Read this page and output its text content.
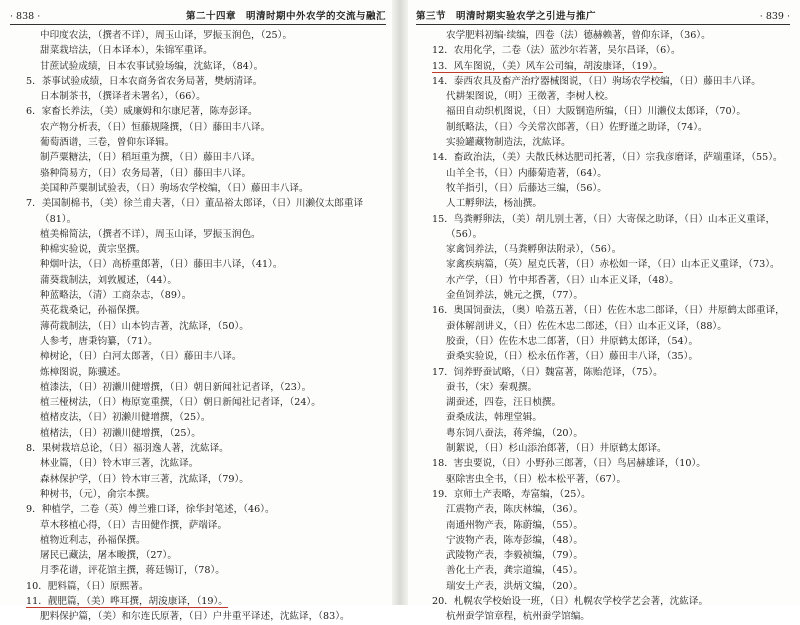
· 838 ·	第二十四章　明清时期中外农学的交流与融汇
中印度农法，（撰者不详），周玉山译，罗振玉润色，（25）。
甜菜栽培法，（日本译本），朱锦军重译。
甘蔗试验成绩，日本农事试验场编，沈紘译，（84）。
5．茶事试验成绩，日本农商务省农务局著，樊炳清译。
日本制茶书，（撰译者未署名），（66）。
6．家畜长养法，（美）威廉姆和尔康尼著，陈寿彭译。
农产物分析表，（日）恒藤规隆撰，（日）藤田丰八译。
葡萄酒谱，三卷，曾仰东译辑。
制芦粟糖法，（日）稻垣重为撰，（日）藤田丰八译。
骆种筒易方，（日）农务局著，（日）藤田丰八译。
美国种芦粟制试验表，（日）驹场农学校编，（日）藤田丰八译。
7．美国制棉书，（美）徐兰甫夫著，（日）董品裕太郎译，（日）川濑仪太郎重译
（81）。
植美棉简法，（撰者不详），周玉山译，罗振玉润色。
种棉实验说，黄宗坚撰。
种烟叶法，（日）高桥重郎著，（日）藤田丰八译，（41）。
蒲葵栽制法，刘敦履述，（44）。
种蓝略法，（清）工商杂志，（89）。
英花栽桑记，孙福保撰。
薄荷栽制法，（日）山本钧吉著，沈紘译，（50）。
人参考，唐秉钧纂，（71）。
樟树论，（日）白河太郎著，（日）藤田丰八译。
炼樟图说，陈骥述。
植漆法，（日）初濑川健增撰，（日）朝日新闻社记者译，（23）。
植三桠树法，（日）梅原宽重撰，（日）朝日新闻社记者译，（24）。
植楮皮法，（日）初濑川健增撰，（25）。
植楮法，（日）初濑川健增撰，（25）。
8．果树栽培总论，（日）福羽逸人著，沈紘译。
林业篇，（日）铃木审三著，沈紘译。
森林保护学，（日）铃木审三著，沈紘译，（79）。
种树书，（元），俞宗本撰。
9．种植学，二卷（英）傅兰雅口译，徐华封笔述，（46）。
草木移植心得，（日）吉田健作撰，萨端译。
植物近利志，孙福保撰。
屠民已藏法，屠本畯撰，（27）。
月季花谱，评花馆主撰，蒋廷锡订，（78）。
10．肥料篇，（日）原熙著。
11．靓肥篇，（美）哗耳撰，胡浚康译，（19）。
肥料保护篇，（美）和尔连氏原著，（日）户井重平译述，沈紘译，（83）。
第三节　明清时期实验农学之引进与推广	· 839 ·
农学肥料初编·续编，四卷（法）德赫赖著，曾仰东译，（36）。
12．农用化学，二卷（法）蓝沙尔若著，吴尔昌译，（6）。
13．风车图说，（美）风车公司编，胡浚康译，（19）。
14．泰西农具及畜产治疗器械图说，（日）驹场农学校编，（日）藤田丰八译。
代耕架图说，（明）王徵著，李树人校。
福田自动织机图说，（日）大阪钢造所编，（日）川濑仪太郎译，（70）。
制纸略法，（日）今关常次郎著，（日）佐野谨之助译，（74）。
实验罐藏物制造法，沈紘译。
14．畜政治法，（美）夫散氏林达肥司托著，（日）宗我彦磨译，萨端重译，（55）。
山羊全书，（日）内藤菊造著，（64）。
牧羊指引，（日）后藤达三编，（56）。
人工孵卵法，杨汕撰。
15．鸟粪孵卵法，（美）胡儿别土著，（日）大寄保之助译，（日）山本正义重译，
（56）。
家禽饲养法，（马粪孵卵法附录），（56）。
家禽疾病篇，（英）屋克氏著，（日）赤松如一译，（日）山本正义重译，（73）。
水产学，（日）竹中邦香著，（日）山本正义译，（48）。
金鱼饲养法，姚元之撰，（77）。
16．奥国饲蚕法，（奥）哈荔五著，（日）佐佐木忠二郎译，（日）井原鹤太郎重译，
蚕体解剖讲义，（日）佐佐木忠二郎述，（日）山本正义译，（88）。
胶蚕，（日）佐佐木忠二郎著，（日）井原鹤太郎译，（54）。
蚕桑实验说，（日）松永伍作著，（日）藤田丰八译，（35）。
17．饲养野蚕试略，（日）魏富著，陈贻范译，（75）。
蚕书，（宋）秦观撰。
湖蚕述，四卷，汪日桢撰。
蚕桑成法，韩理堂辑。
粤东饲八蚕法，蒋斧编，（20）。
制絮说，（日）杉山添治郎著，（日）井原鹤太郎译。
18．害虫要说，（日）小野孙三郎著，（日）鸟居赫雄译，（10）。
驱除害虫全书，（日）松本松平著，（67）。
19．京师土产表略，寿富编，（25）。
江震物产表，陈庆林编，（36）。
南通州物产表，陈蔚编，（55）。
宁波物产表，陈寿彭编，（48）。
武陵物产表，李毅祯编，（79）。
善化土产表，龚宗道编，（45）。
瑞安土产表，洪炳文编，（20）。
20．札幌农学校始设一班，（日）札幌农学校学艺会著，沈紘译。
杭州蚕学馆章程，杭州蚕学馆编。
